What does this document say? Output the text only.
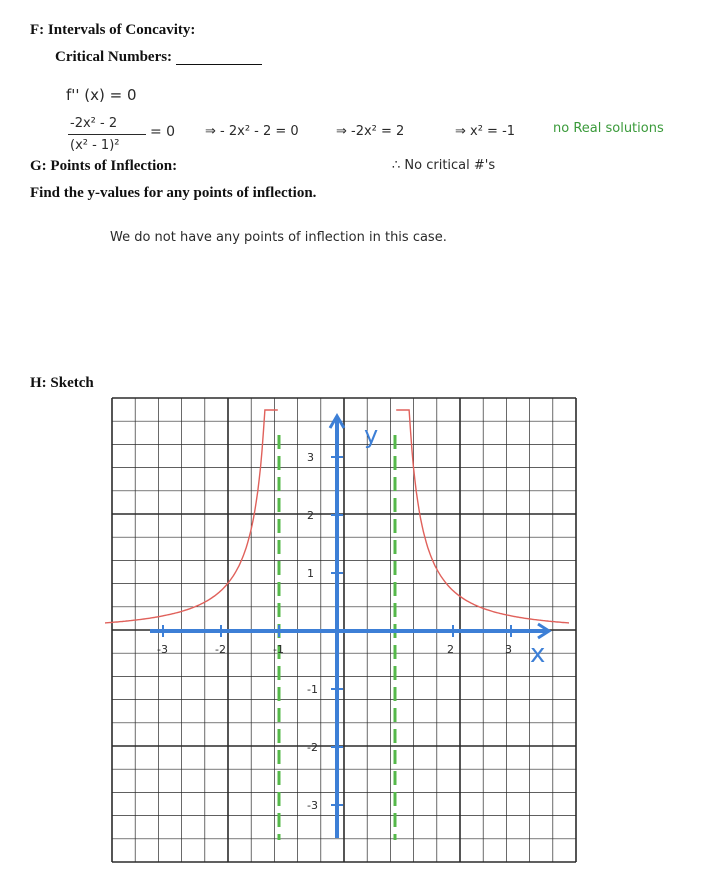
F: Intervals of Concavity:
Critical Numbers:
f'' (x) = 0
-2x² - 2
(x² - 1)²
= 0 ⇒ - 2x² - 2 = 0	⇒ -2x² = 2	⇒ x² = -1	no Real solutions
G: Points of Inflection:	∴ No critical #'s
Find the y-values for any points of inflection.
We do not have any points of inflection in this case.
H: Sketch
x
y
-3	-2	-1	2	3
3
2
1
-1
-2
-3
